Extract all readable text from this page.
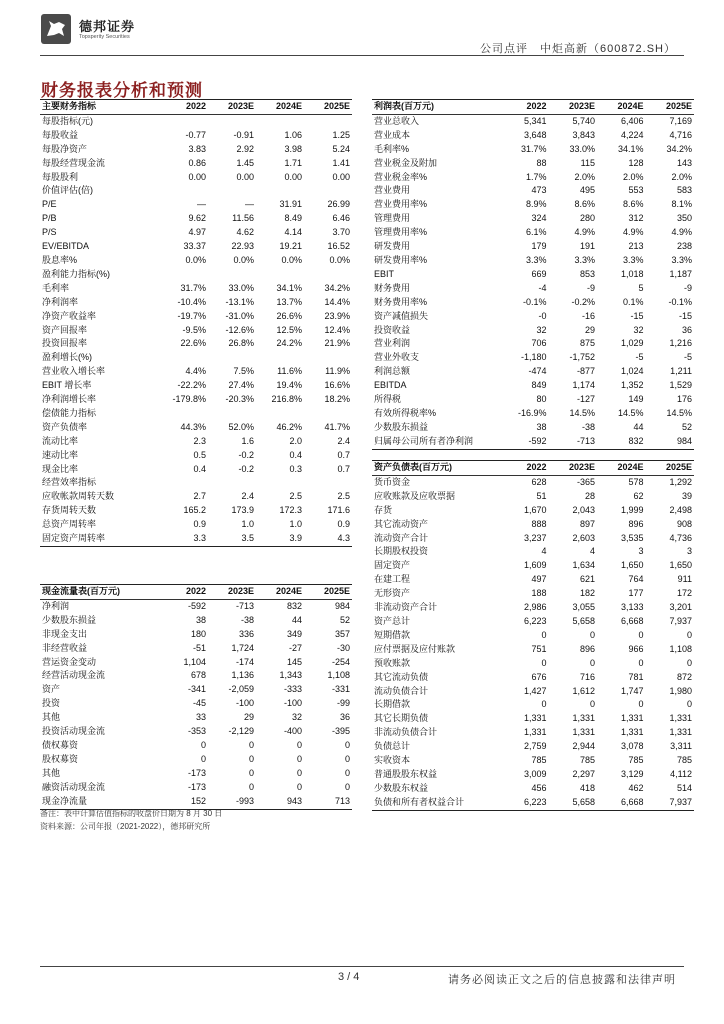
德邦证券
Topsperity Securities
公司点评　中炬高新（600872.SH）
财务报表分析和预测
主要财务指标	2022	2023E	2024E	2025E
每股指标(元)				
每股收益	-0.77	-0.91	1.06	1.25
每股净资产	3.83	2.92	3.98	5.24
每股经营现金流	0.86	1.45	1.71	1.41
每股股利	0.00	0.00	0.00	0.00
价值评估(倍)				
P/E	—	—	31.91	26.99
P/B	9.62	11.56	8.49	6.46
P/S	4.97	4.62	4.14	3.70
EV/EBITDA	33.37	22.93	19.21	16.52
股息率%	0.0%	0.0%	0.0%	0.0%
盈利能力指标(%)				
毛利率	31.7%	33.0%	34.1%	34.2%
净利润率	-10.4%	-13.1%	13.7%	14.4%
净资产收益率	-19.7%	-31.0%	26.6%	23.9%
资产回报率	-9.5%	-12.6%	12.5%	12.4%
投资回报率	22.6%	26.8%	24.2%	21.9%
盈利增长(%)				
营业收入增长率	4.4%	7.5%	11.6%	11.9%
EBIT 增长率	-22.2%	27.4%	19.4%	16.6%
净利润增长率	-179.8%	-20.3%	216.8%	18.2%
偿债能力指标				
资产负债率	44.3%	52.0%	46.2%	41.7%
流动比率	2.3	1.6	2.0	2.4
速动比率	0.5	-0.2	0.4	0.7
现金比率	0.4	-0.2	0.3	0.7
经营效率指标				
应收帐款周转天数	2.7	2.4	2.5	2.5
存货周转天数	165.2	173.9	172.3	171.6
总资产周转率	0.9	1.0	1.0	0.9
固定资产周转率	3.3	3.5	3.9	4.3
现金流量表(百万元)	2022	2023E	2024E	2025E
净利润	-592	-713	832	984
少数股东损益	38	-38	44	52
非现金支出	180	336	349	357
非经营收益	-51	1,724	-27	-30
营运资金变动	1,104	-174	145	-254
经营活动现金流	678	1,136	1,343	1,108
资产	-341	-2,059	-333	-331
投资	-45	-100	-100	-99
其他	33	29	32	36
投资活动现金流	-353	-2,129	-400	-395
债权募资	0	0	0	0
股权募资	0	0	0	0
其他	-173	0	0	0
融资活动现金流	-173	0	0	0
现金净流量	152	-993	943	713
利润表(百万元)	2022	2023E	2024E	2025E
营业总收入	5,341	5,740	6,406	7,169
营业成本	3,648	3,843	4,224	4,716
毛利率%	31.7%	33.0%	34.1%	34.2%
营业税金及附加	88	115	128	143
营业税金率%	1.7%	2.0%	2.0%	2.0%
营业费用	473	495	553	583
营业费用率%	8.9%	8.6%	8.6%	8.1%
管理费用	324	280	312	350
管理费用率%	6.1%	4.9%	4.9%	4.9%
研发费用	179	191	213	238
研发费用率%	3.3%	3.3%	3.3%	3.3%
EBIT	669	853	1,018	1,187
财务费用	-4	-9	5	-9
财务费用率%	-0.1%	-0.2%	0.1%	-0.1%
资产减值损失	-0	-16	-15	-15
投资收益	32	29	32	36
营业利润	706	875	1,029	1,216
营业外收支	-1,180	-1,752	-5	-5
利润总额	-474	-877	1,024	1,211
EBITDA	849	1,174	1,352	1,529
所得税	80	-127	149	176
有效所得税率%	-16.9%	14.5%	14.5%	14.5%
少数股东损益	38	-38	44	52
归属母公司所有者净利润	-592	-713	832	984
资产负债表(百万元)	2022	2023E	2024E	2025E
货币资金	628	-365	578	1,292
应收账款及应收票据	51	28	62	39
存货	1,670	2,043	1,999	2,498
其它流动资产	888	897	896	908
流动资产合计	3,237	2,603	3,535	4,736
长期股权投资	4	4	3	3
固定资产	1,609	1,634	1,650	1,650
在建工程	497	621	764	911
无形资产	188	182	177	172
非流动资产合计	2,986	3,055	3,133	3,201
资产总计	6,223	5,658	6,668	7,937
短期借款	0	0	0	0
应付票据及应付账款	751	896	966	1,108
预收账款	0	0	0	0
其它流动负债	676	716	781	872
流动负债合计	1,427	1,612	1,747	1,980
长期借款	0	0	0	0
其它长期负债	1,331	1,331	1,331	1,331
非流动负债合计	1,331	1,331	1,331	1,331
负债总计	2,759	2,944	3,078	3,311
实收资本	785	785	785	785
普通股股东权益	3,009	2,297	3,129	4,112
少数股东权益	456	418	462	514
负债和所有者权益合计	6,223	5,658	6,668	7,937
备注：表中计算估值指标的收盘价日期为 8 月 30 日
资料来源：公司年报（2021-2022），德邦研究所
3 / 4	请务必阅读正文之后的信息披露和法律声明
